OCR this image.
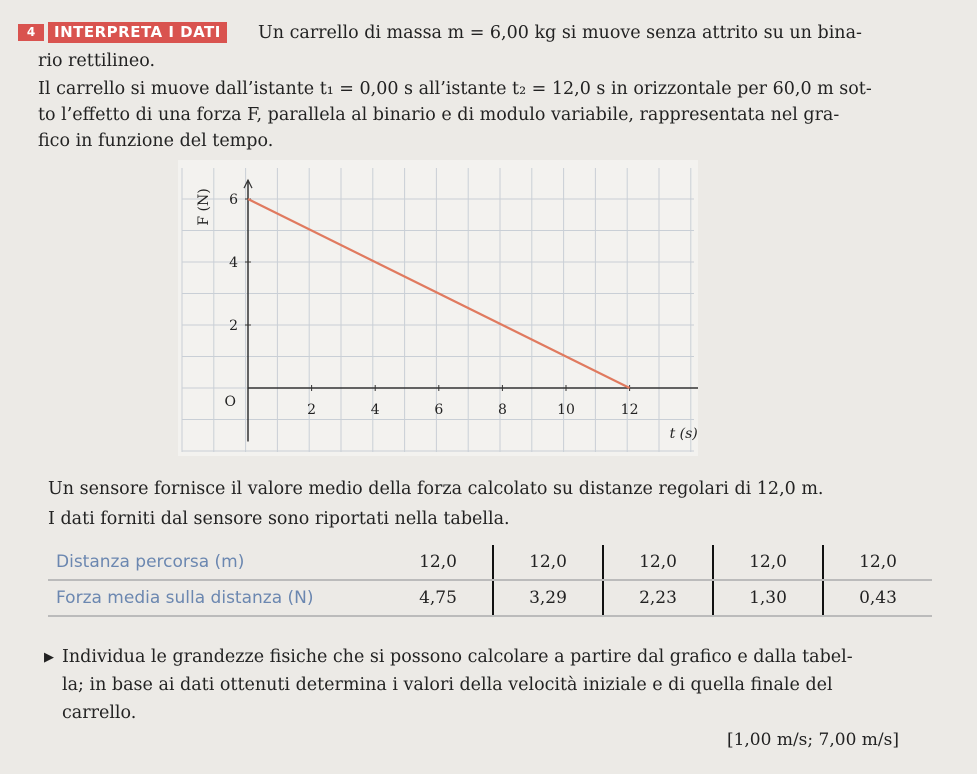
4	INTERPRETA I DATI	Un carrello di massa m = 6,00 kg si muove senza attrito su un bina-
rio rettilineo.
Il carrello si muove dall’istante t₁ = 0,00 s all’istante t₂ = 12,0 s in orizzontale per 60,0 m sot-
to l’effetto di una forza F, parallela al binario e di modulo variabile, rappresentata nel gra-
fico in funzione del tempo.
2	4	6	8	10	12
2
4
6
O
t (s)
F (N)
Un sensore fornisce il valore medio della forza calcolato su distanze regolari di 12,0 m.
I dati forniti dal sensore sono riportati nella tabella.
Distanza percorsa (m)	12,0	12,0	12,0	12,0	12,0
Forza media sulla distanza (N)	4,75	3,29	2,23	1,30	0,43
▶ Individua le grandezze fisiche che si possono calcolare a partire dal grafico e dalla tabel-
la; in base ai dati ottenuti determina i valori della velocità iniziale e di quella finale del
carrello.
[1,00 m/s; 7,00 m/s]
